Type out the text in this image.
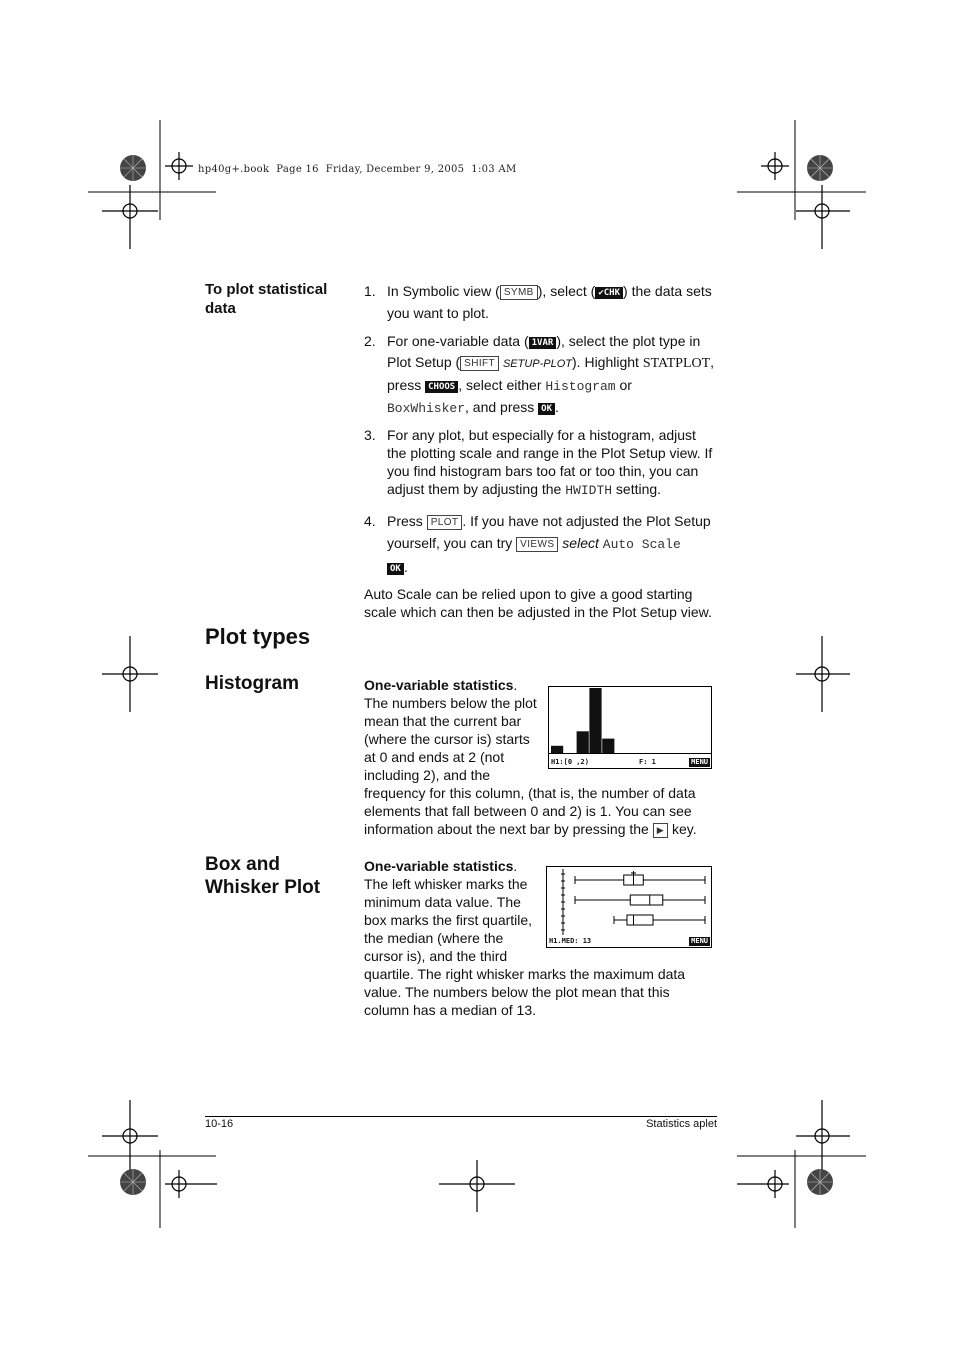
hp40g+.book  Page 16  Friday, December 9, 2005  1:03 AM
To plot statistical data
1. In Symbolic view ( SYMB ), select ( ✔CHK ) the data sets you want to plot.
2. For one-variable data ( 1VAR ), select the plot type in Plot Setup ( SHIFT SETUP-PLOT). Highlight STATPLOT, press CHOOS , select either Histogram or BoxWhisker, and press OK .
3. For any plot, but especially for a histogram, adjust the plotting scale and range in the Plot Setup view. If you find histogram bars too fat or too thin, you can adjust them by adjusting the HWIDTH setting.
4. Press PLOT . If you have not adjusted the Plot Setup yourself, you can try VIEWS select Auto Scale
OK .
Auto Scale can be relied upon to give a good starting scale which can then be adjusted in the Plot Setup view.
Plot types
Histogram
H1:[0 ,2)	F: 1	MENU
One-variable statistics. The numbers below the plot mean that the current bar (where the cursor is) starts at 0 and ends at 2 (not including 2), and the frequency for this column, (that is, the number of data elements that fall between 0 and 2) is 1. You can see information about the next bar by pressing the ▶ key.
Box and
Whisker Plot
H1.MED: 13	MENU
One-variable statistics. The left whisker marks the minimum data value. The box marks the first quartile, the median (where the cursor is), and the third quartile. The right whisker marks the maximum data value. The numbers below the plot mean that this column has a median of 13.
10-16	Statistics aplet
